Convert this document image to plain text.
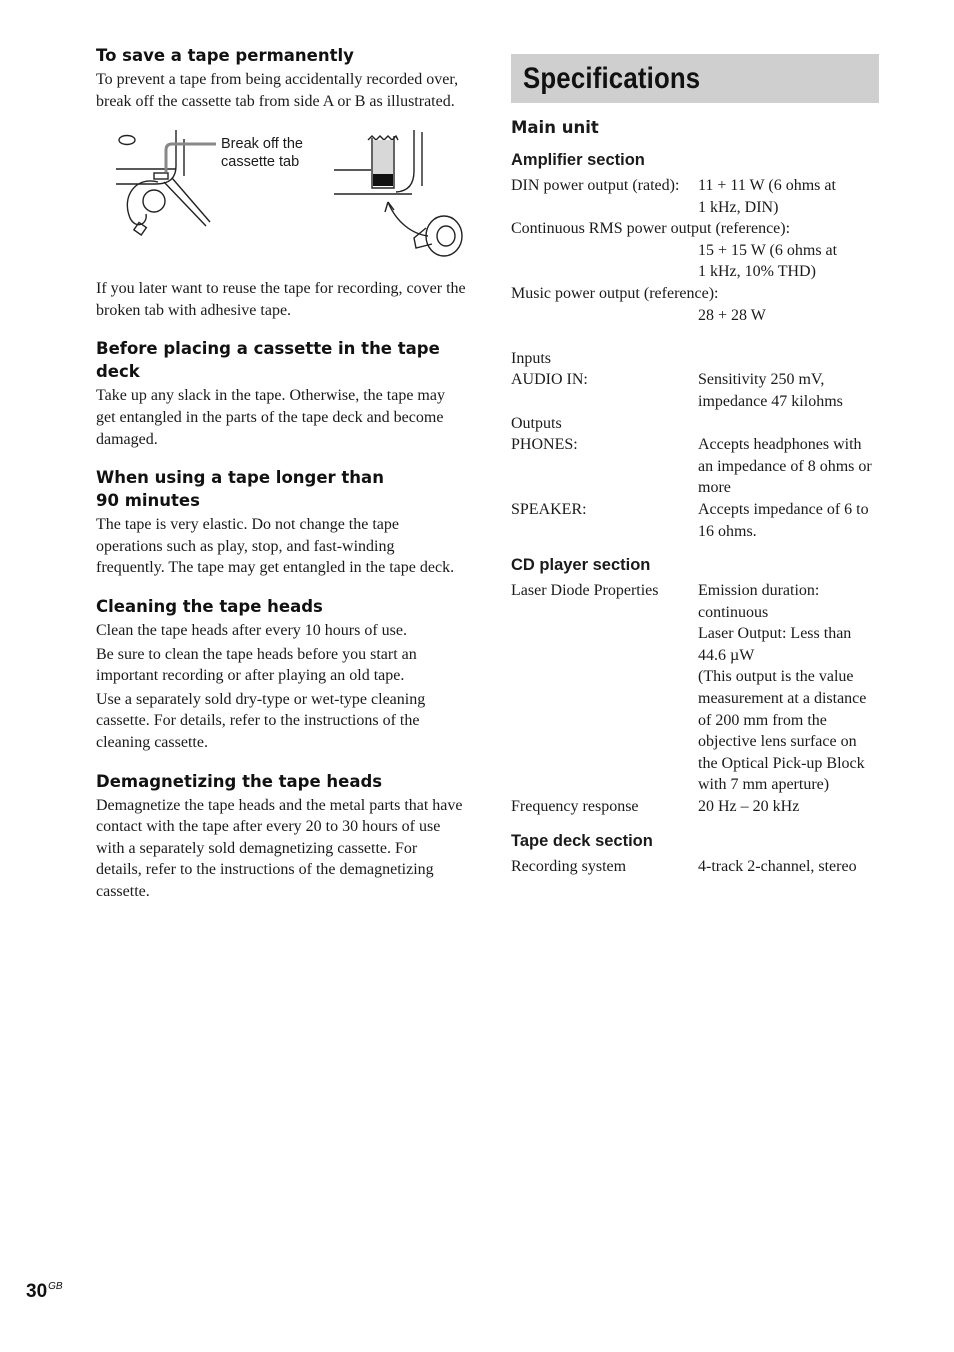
To save a tape permanently

To prevent a tape from being accidentally recorded over, break off the cassette tab from side A or B as illustrated.

Break off the
cassette tab

If you later want to reuse the tape for recording, cover the broken tab with adhesive tape.

Before placing a cassette in the tape deck

Take up any slack in the tape. Otherwise, the tape may get entangled in the parts of the tape deck and become damaged.

When using a tape longer than
90 minutes

The tape is very elastic. Do not change the tape operations such as play, stop, and fast-winding frequently. The tape may get entangled in the tape deck.

Cleaning the tape heads

Clean the tape heads after every 10 hours of use.

Be sure to clean the tape heads before you start an important recording or after playing an old tape.

Use a separately sold dry-type or wet-type cleaning cassette. For details, refer to the instructions of the cleaning cassette.

Demagnetizing the tape heads

Demagnetize the tape heads and the metal parts that have contact with the tape after every 20 to 30 hours of use with a separately sold demagnetizing cassette. For details, refer to the instructions of the demagnetizing cassette.

Specifications
Main unit
Amplifier section
DIN power output (rated):	11 + 11 W (6 ohms at
1 kHz, DIN)
Continuous RMS power output (reference):
15 + 15 W (6 ohms at
1 kHz, 10% THD)
Music power output (reference):
28 + 28 W
Inputs
AUDIO IN:	Sensitivity 250 mV,
impedance 47 kilohms
Outputs
PHONES:	Accepts headphones with
an impedance of 8 ohms or
more
SPEAKER:	Accepts impedance of 6 to
16 ohms.
CD player section
Laser Diode Properties	Emission duration:
continuous
Laser Output: Less than
44.6 µW
(This output is the value
measurement at a distance
of 200 mm from the
objective lens surface on
the Optical Pick-up Block
with 7 mm aperture)
Frequency response	20 Hz – 20 kHz
Tape deck section
Recording system	4-track 2-channel, stereo
$30^{GB}$
